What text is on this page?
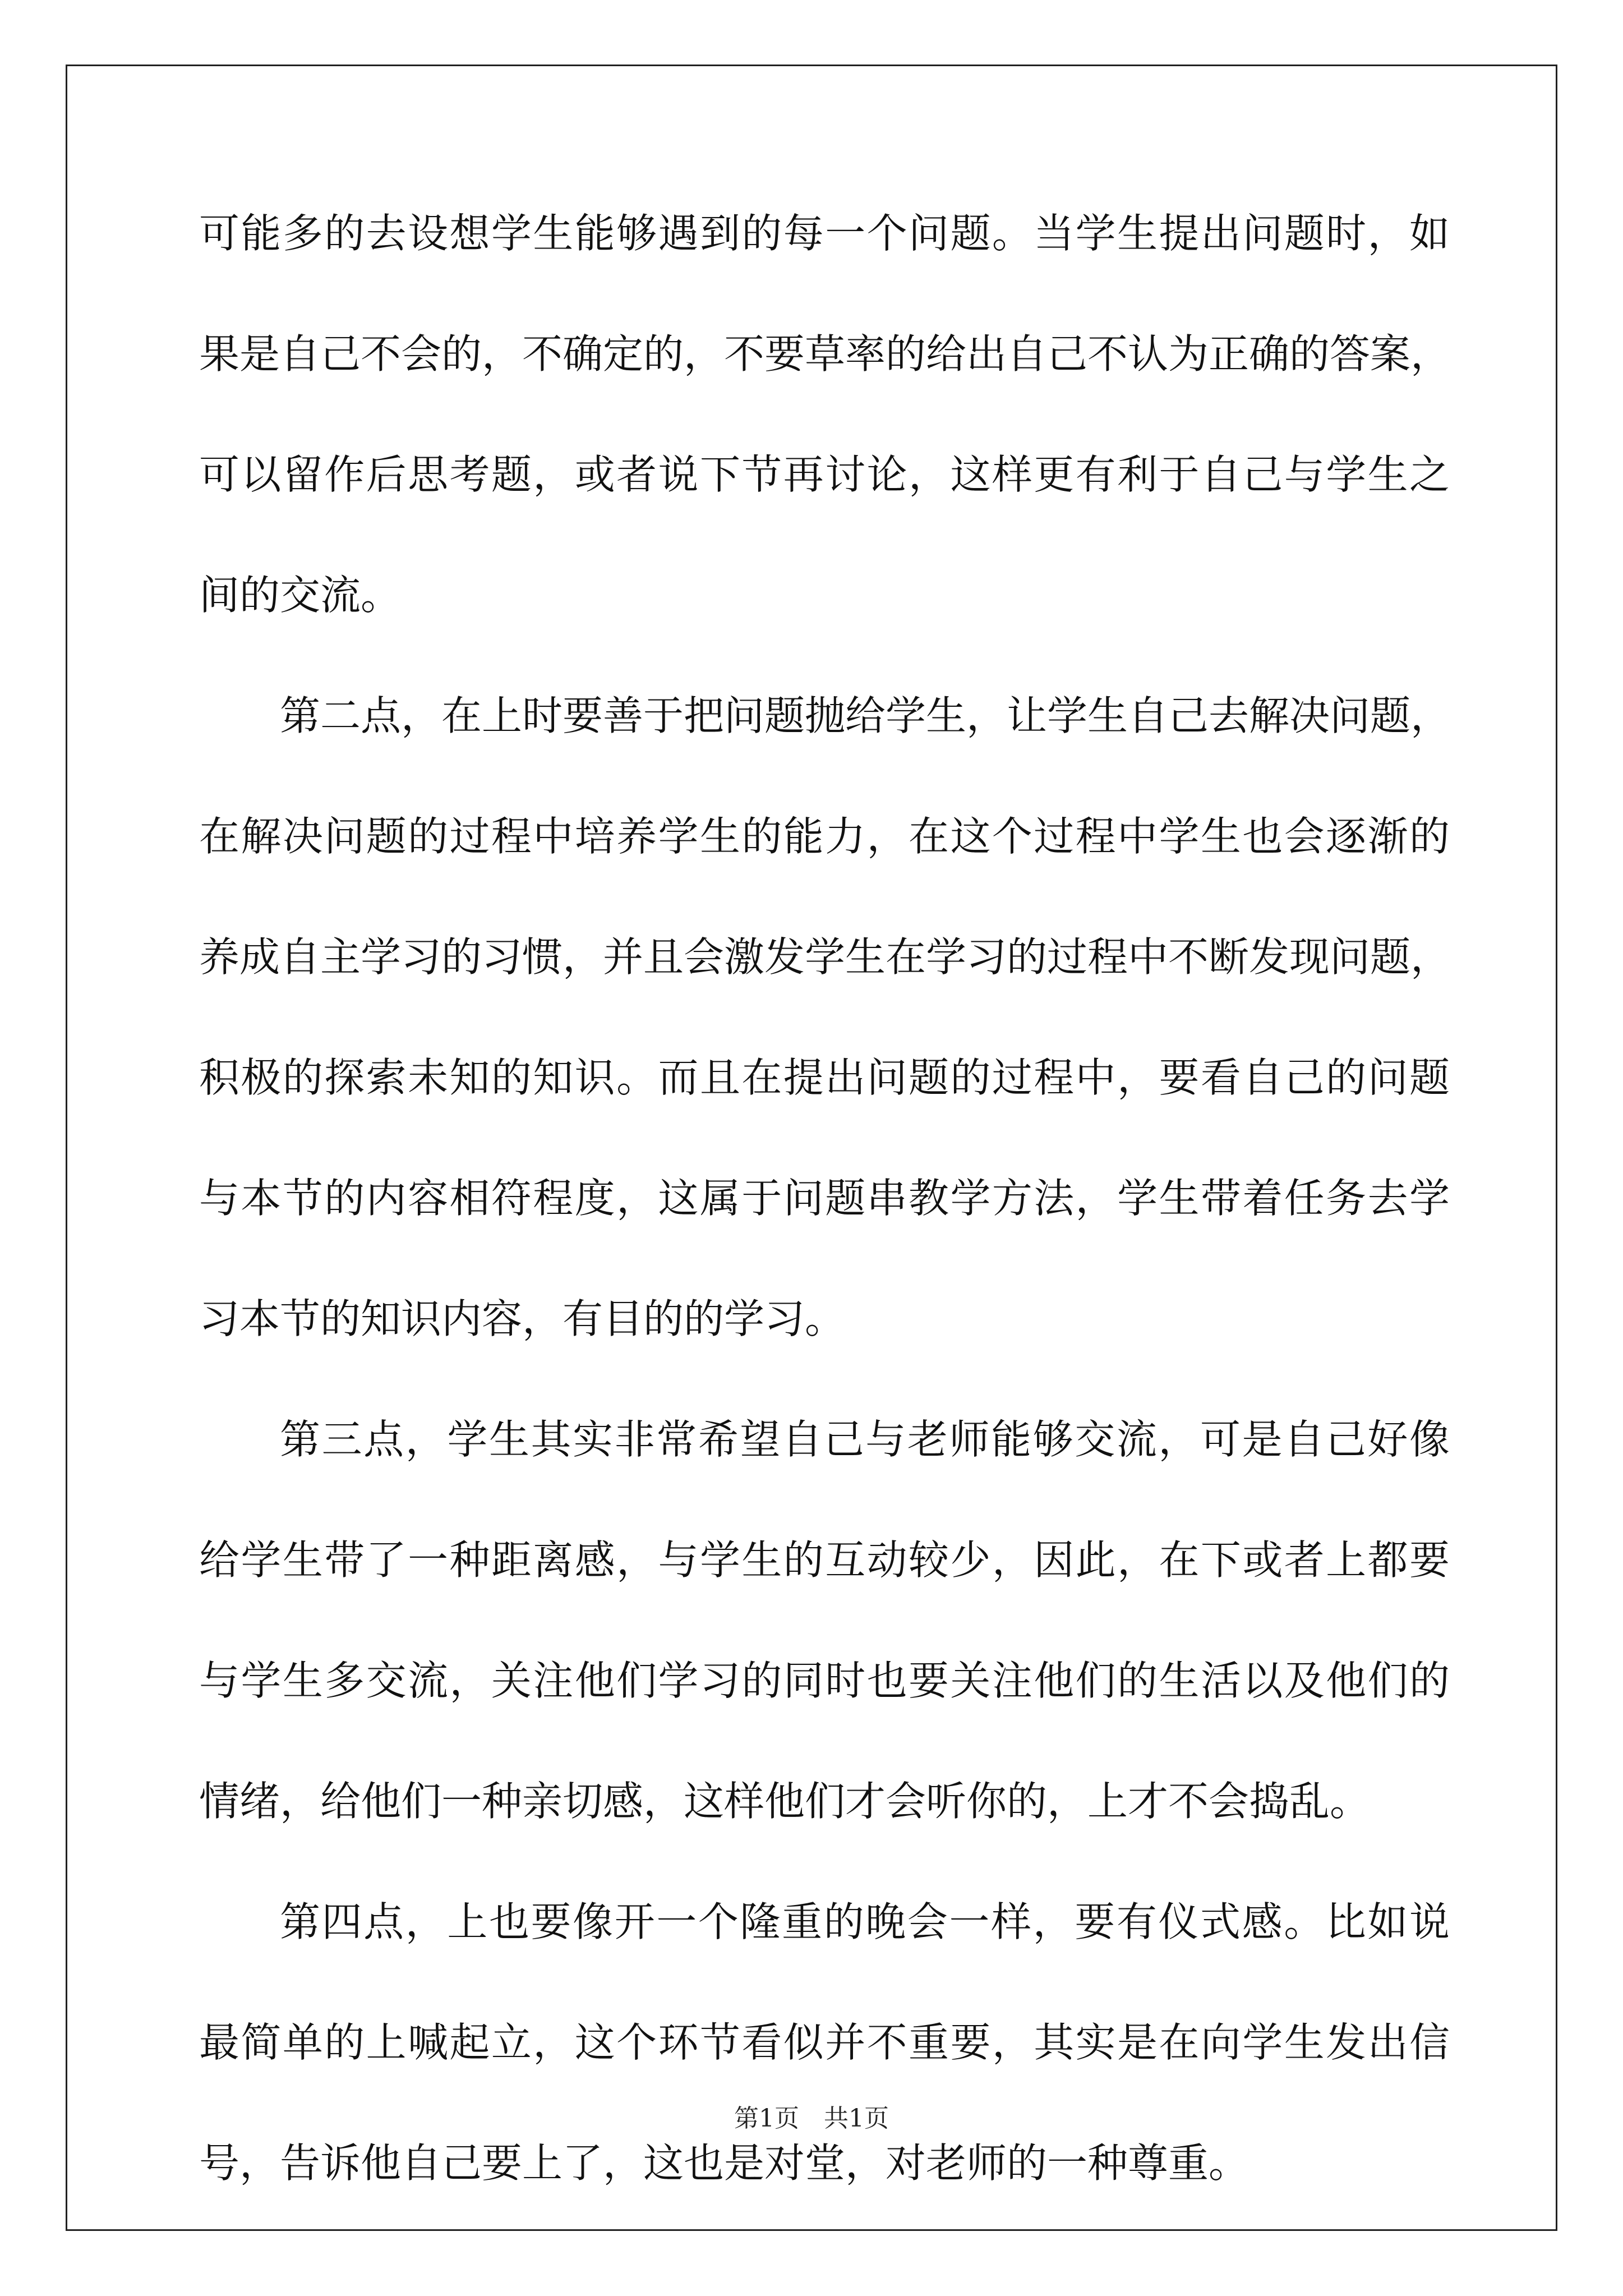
可能多的去设想学生能够遇到的每一个问题。当学生提出问题时，如

果是自己不会的，不确定的，不要草率的给出自己不认为正确的答案，

可以留作后思考题，或者说下节再讨论，这样更有利于自己与学生之

间的交流。

第二点，在上时要善于把问题抛给学生，让学生自己去解决问题，

在解决问题的过程中培养学生的能力，在这个过程中学生也会逐渐的

养成自主学习的习惯，并且会激发学生在学习的过程中不断发现问题，

积极的探索未知的知识。而且在提出问题的过程中，要看自己的问题

与本节的内容相符程度，这属于问题串教学方法，学生带着任务去学

习本节的知识内容，有目的的学习。

第三点，学生其实非常希望自己与老师能够交流，可是自己好像

给学生带了一种距离感，与学生的互动较少，因此，在下或者上都要

与学生多交流，关注他们学习的同时也要关注他们的生活以及他们的

情绪，给他们一种亲切感，这样他们才会听你的，上才不会捣乱。

第四点，上也要像开一个隆重的晚会一样，要有仪式感。比如说

最简单的上喊起立，这个环节看似并不重要，其实是在向学生发出信

号，告诉他自己要上了，这也是对堂，对老师的一种尊重。

第1页　共1页
